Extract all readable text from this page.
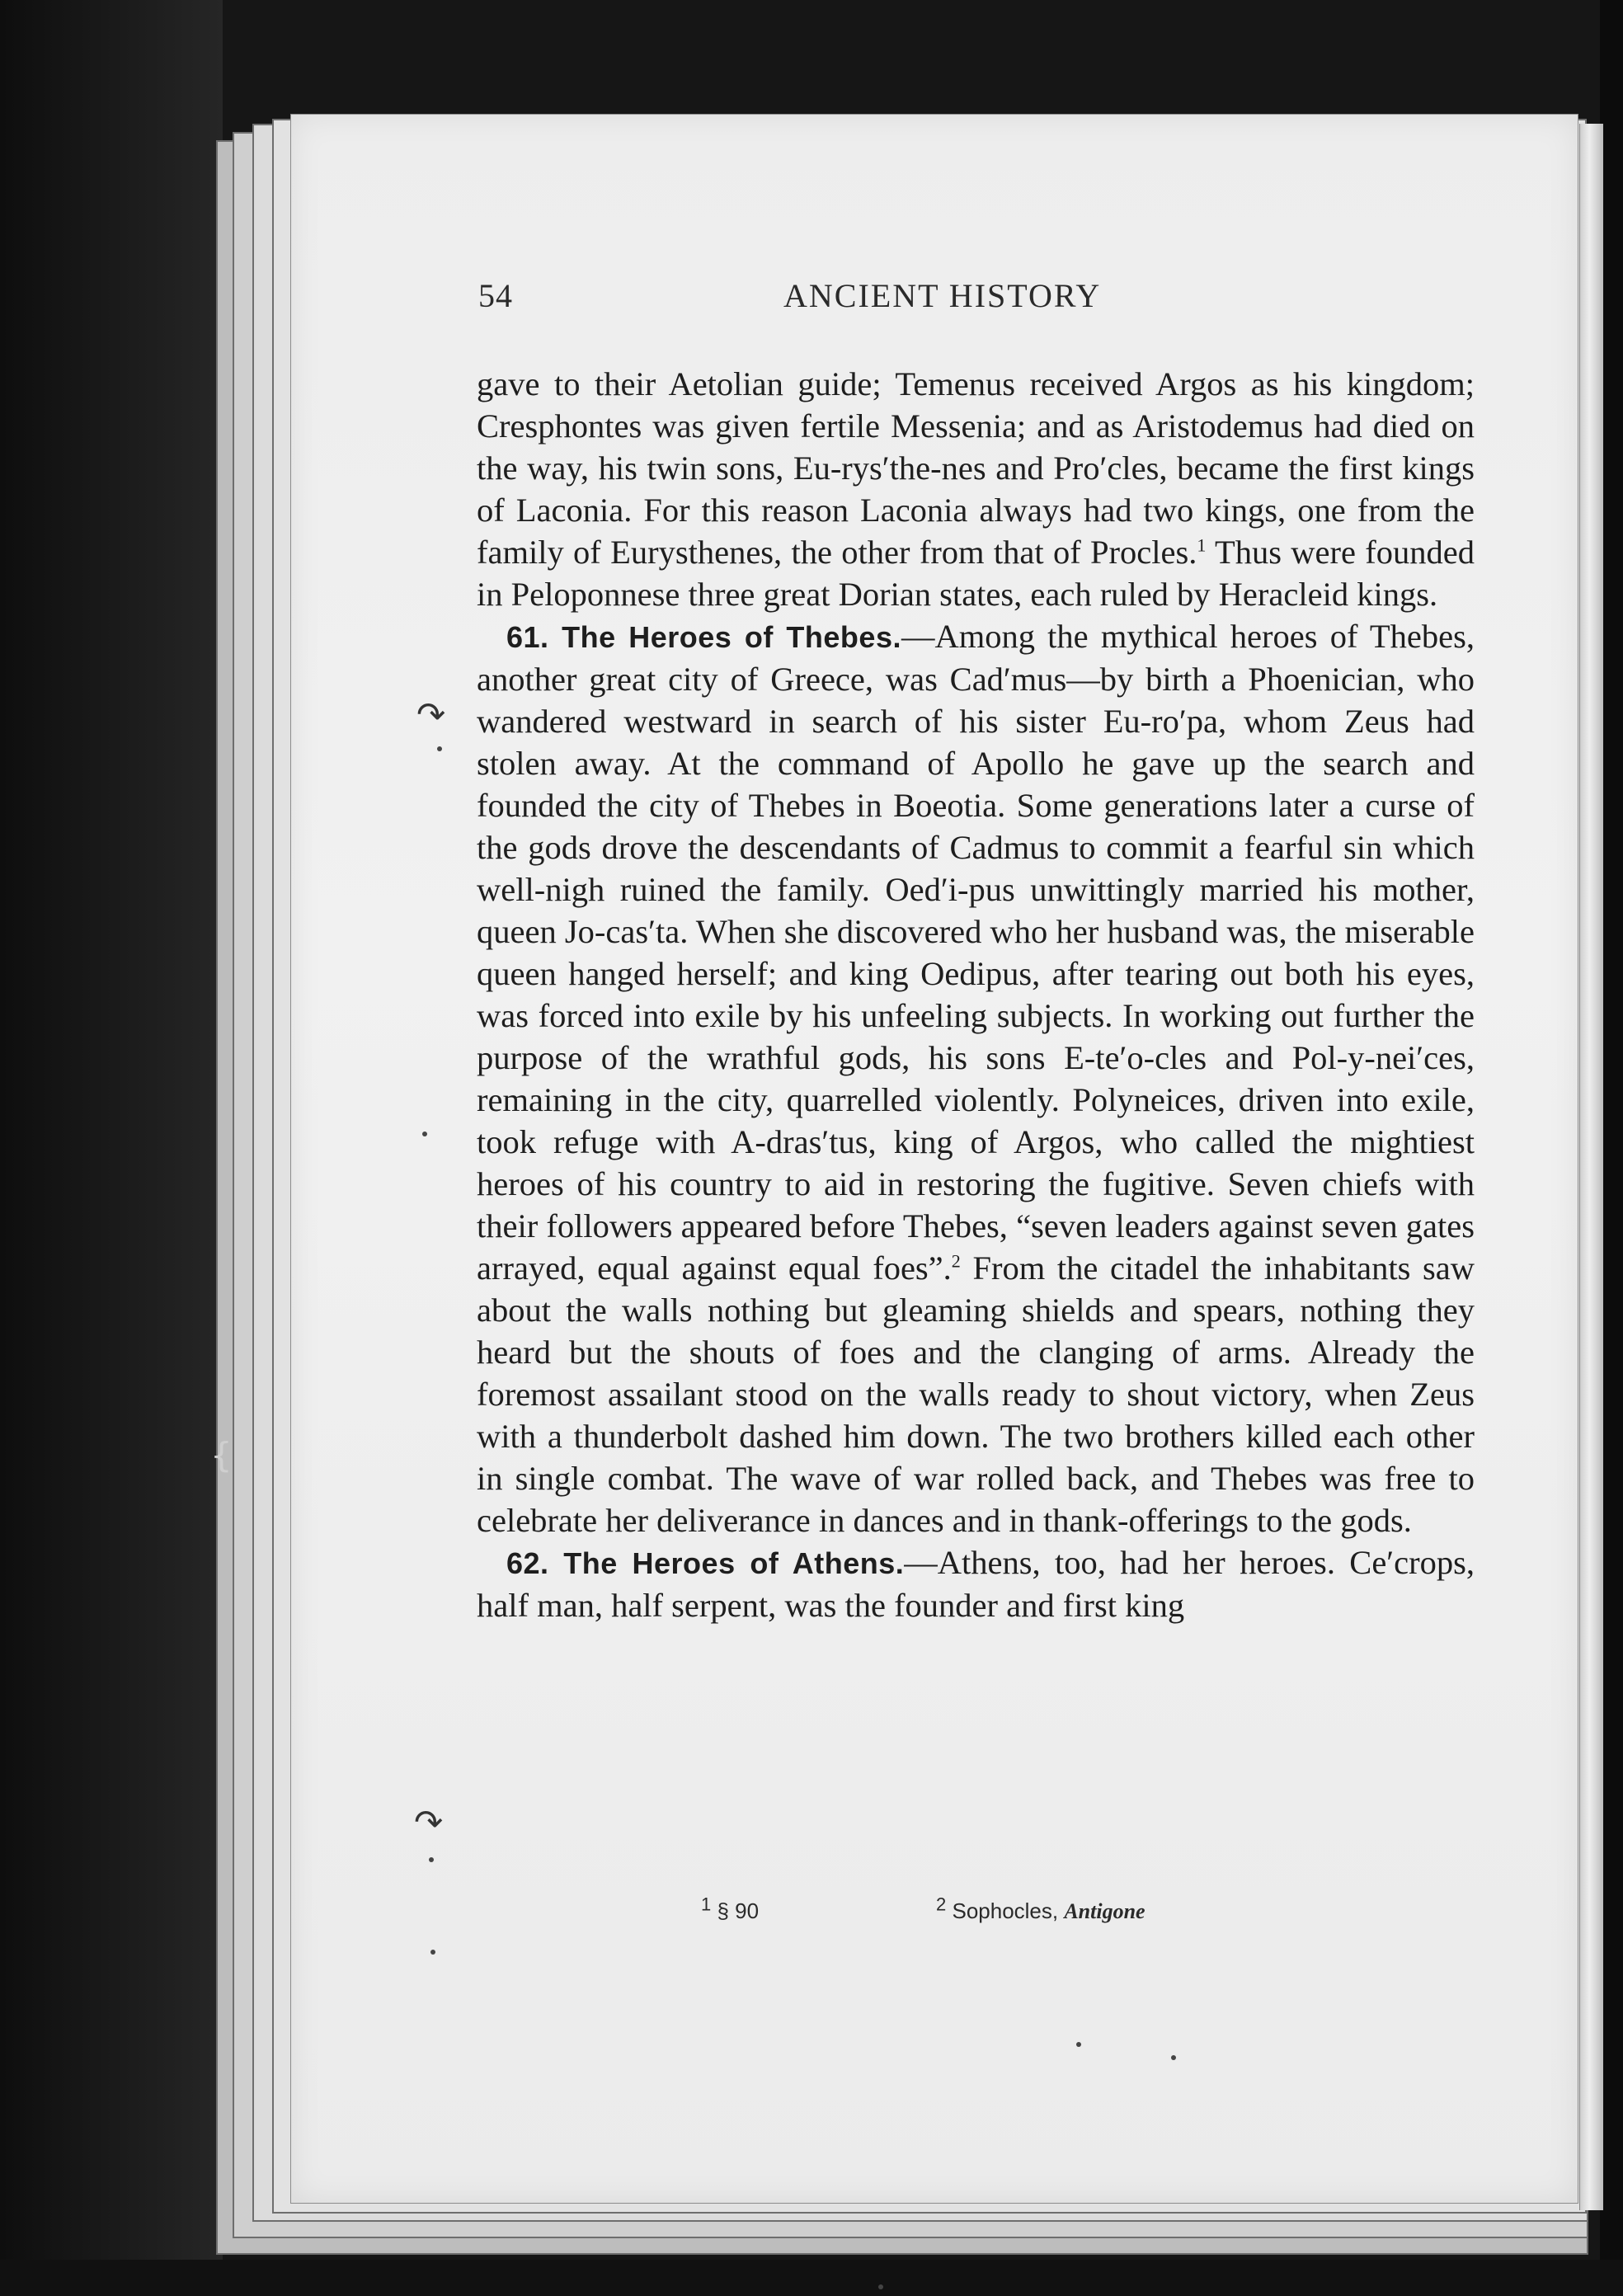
54	ANCIENT HISTORY

gave to their Aetolian guide; Temenus received Argos as his kingdom; Cresphontes was given fertile Messenia; and as Aristodemus had died on the way, his twin sons, Eu-rys′the-nes and Pro′cles, became the first kings of Laconia. For this reason Laconia always had two kings, one from the family of Eurysthenes, the other from that of Procles.$^1$ Thus were founded in Peloponnese three great Dorian states, each ruled by Heracleid kings.

61. The Heroes of Thebes.—Among the mythical heroes of Thebes, another great city of Greece, was Cad′mus—by birth a Phoenician, who wandered westward in search of his sister Eu-ro′pa, whom Zeus had stolen away. At the command of Apollo he gave up the search and founded the city of Thebes in Boeotia. Some generations later a curse of the gods drove the descendants of Cadmus to commit a fearful sin which well-nigh ruined the family. Oed′i-pus unwittingly married his mother, queen Jo-cas′ta. When she discovered who her husband was, the miserable queen hanged herself; and king Oedipus, after tearing out both his eyes, was forced into exile by his unfeeling subjects. In working out further the purpose of the wrathful gods, his sons E-te′o-cles and Pol-y-nei′ces, remaining in the city, quarrelled violently. Polyneices, driven into exile, took refuge with A-dras′tus, king of Argos, who called the mightiest heroes of his country to aid in restoring the fugitive. Seven chiefs with their followers appeared before Thebes, “seven leaders against seven gates arrayed, equal against equal foes”.$^2$ From the citadel the inhabitants saw about the walls nothing but gleaming shields and spears, nothing they heard but the shouts of foes and the clanging of arms. Already the foremost assailant stood on the walls ready to shout victory, when Zeus with a thunderbolt dashed him down. The two brothers killed each other in single combat. The wave of war rolled back, and Thebes was free to celebrate her deliverance in dances and in thank-offerings to the gods.

62. The Heroes of Athens.—Athens, too, had her heroes. Ce′crops, half man, half serpent, was the founder and first king

$^1$ § 90	$^2$ Sophocles, Antigone
↷
↷
{
